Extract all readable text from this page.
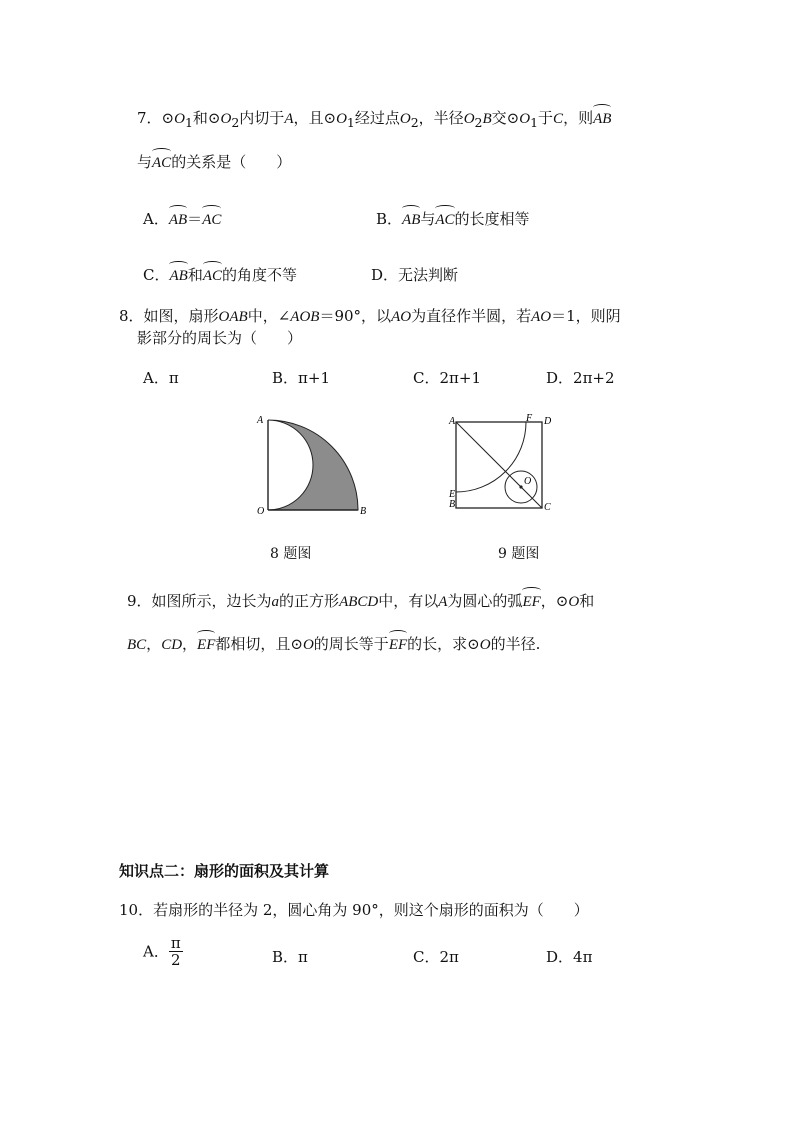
7．$⊙O_1$和$⊙O_2$内切于A，且$⊙O_1$经过点$O_2$，半径$O_2B$交$⊙O_1$于C，则AB
与AC的关系是（　　）
A．AB＝AC	B．AB与AC的长度相等
C．AB和AC的角度不等	D．无法判断
8．如图，扇形OAB中，∠AOB＝90°，以AO为直径作半圆，若AO＝1，则阴
影部分的周长为（　　）
A．π	B．π+1	C．2π+1	D．2π+2
A
O	B
A	F D
E
B	C
O
8 题图	9 题图
9．如图所示，边长为a的正方形ABCD中，有以A为圆心的弧EF，⊙O和
BC，CD，EF都相切，且⊙O的周长等于EF的长，求⊙O的半径.
知识点二：扇形的面积及其计算
10．若扇形的半径为 2，圆心角为 90°，则这个扇形的面积为（　　）
A． $\frac{\pi}{2}$	B．π	C．2π	D．4π
